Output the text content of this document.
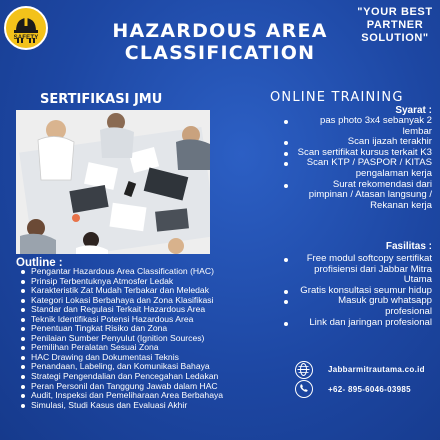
SAFETY	HAZARDOUS AREA
CLASSIFICATION
"YOUR BEST
PARTNER
SOLUTION"
SERTIFIKASI JMU	ONLINE TRAINING
Outline :
Pengantar Hazardous Area Classification (HAC)
Prinsip Terbentuknya Atmosfer Ledak
Karakteristik Zat Mudah Terbakar dan Meledak
Kategori Lokasi Berbahaya dan Zona Klasifikasi
Standar dan Regulasi Terkait Hazardous Area
Teknik Identifikasi Potensi Hazardous Area
Penentuan Tingkat Risiko dan Zona
Penilaian Sumber Penyulut (Ignition Sources)
Pemilihan Peralatan Sesuai Zona
HAC Drawing dan Dokumentasi Teknis
Penandaan, Labeling, dan Komunikasi Bahaya
Strategi Pengendalian dan Pencegahan Ledakan
Peran Personil dan Tanggung Jawab dalam HAC
Audit, Inspeksi dan Pemeliharaan Area Berbahaya
Simulasi, Studi Kasus dan Evaluasi Akhir
Syarat :
pas photo 3x4 sebanyak 2 lembar
Scan ijazah terakhir
Scan sertifikat kursus terkait K3
Scan KTP / PASPOR / KITAS pengalaman kerja
Surat rekomendasi dari pimpinan / Atasan langsung / Rekanan kerja
Fasilitas :
Free modul softcopy sertifikat profisiensi dari Jabbar Mitra Utama
Gratis konsultasi seumur hidup
Masuk grub whatsapp profesional
Link dan jaringan profesional
Jabbarmitrautama.co.id
+62- 895-6046-03985
